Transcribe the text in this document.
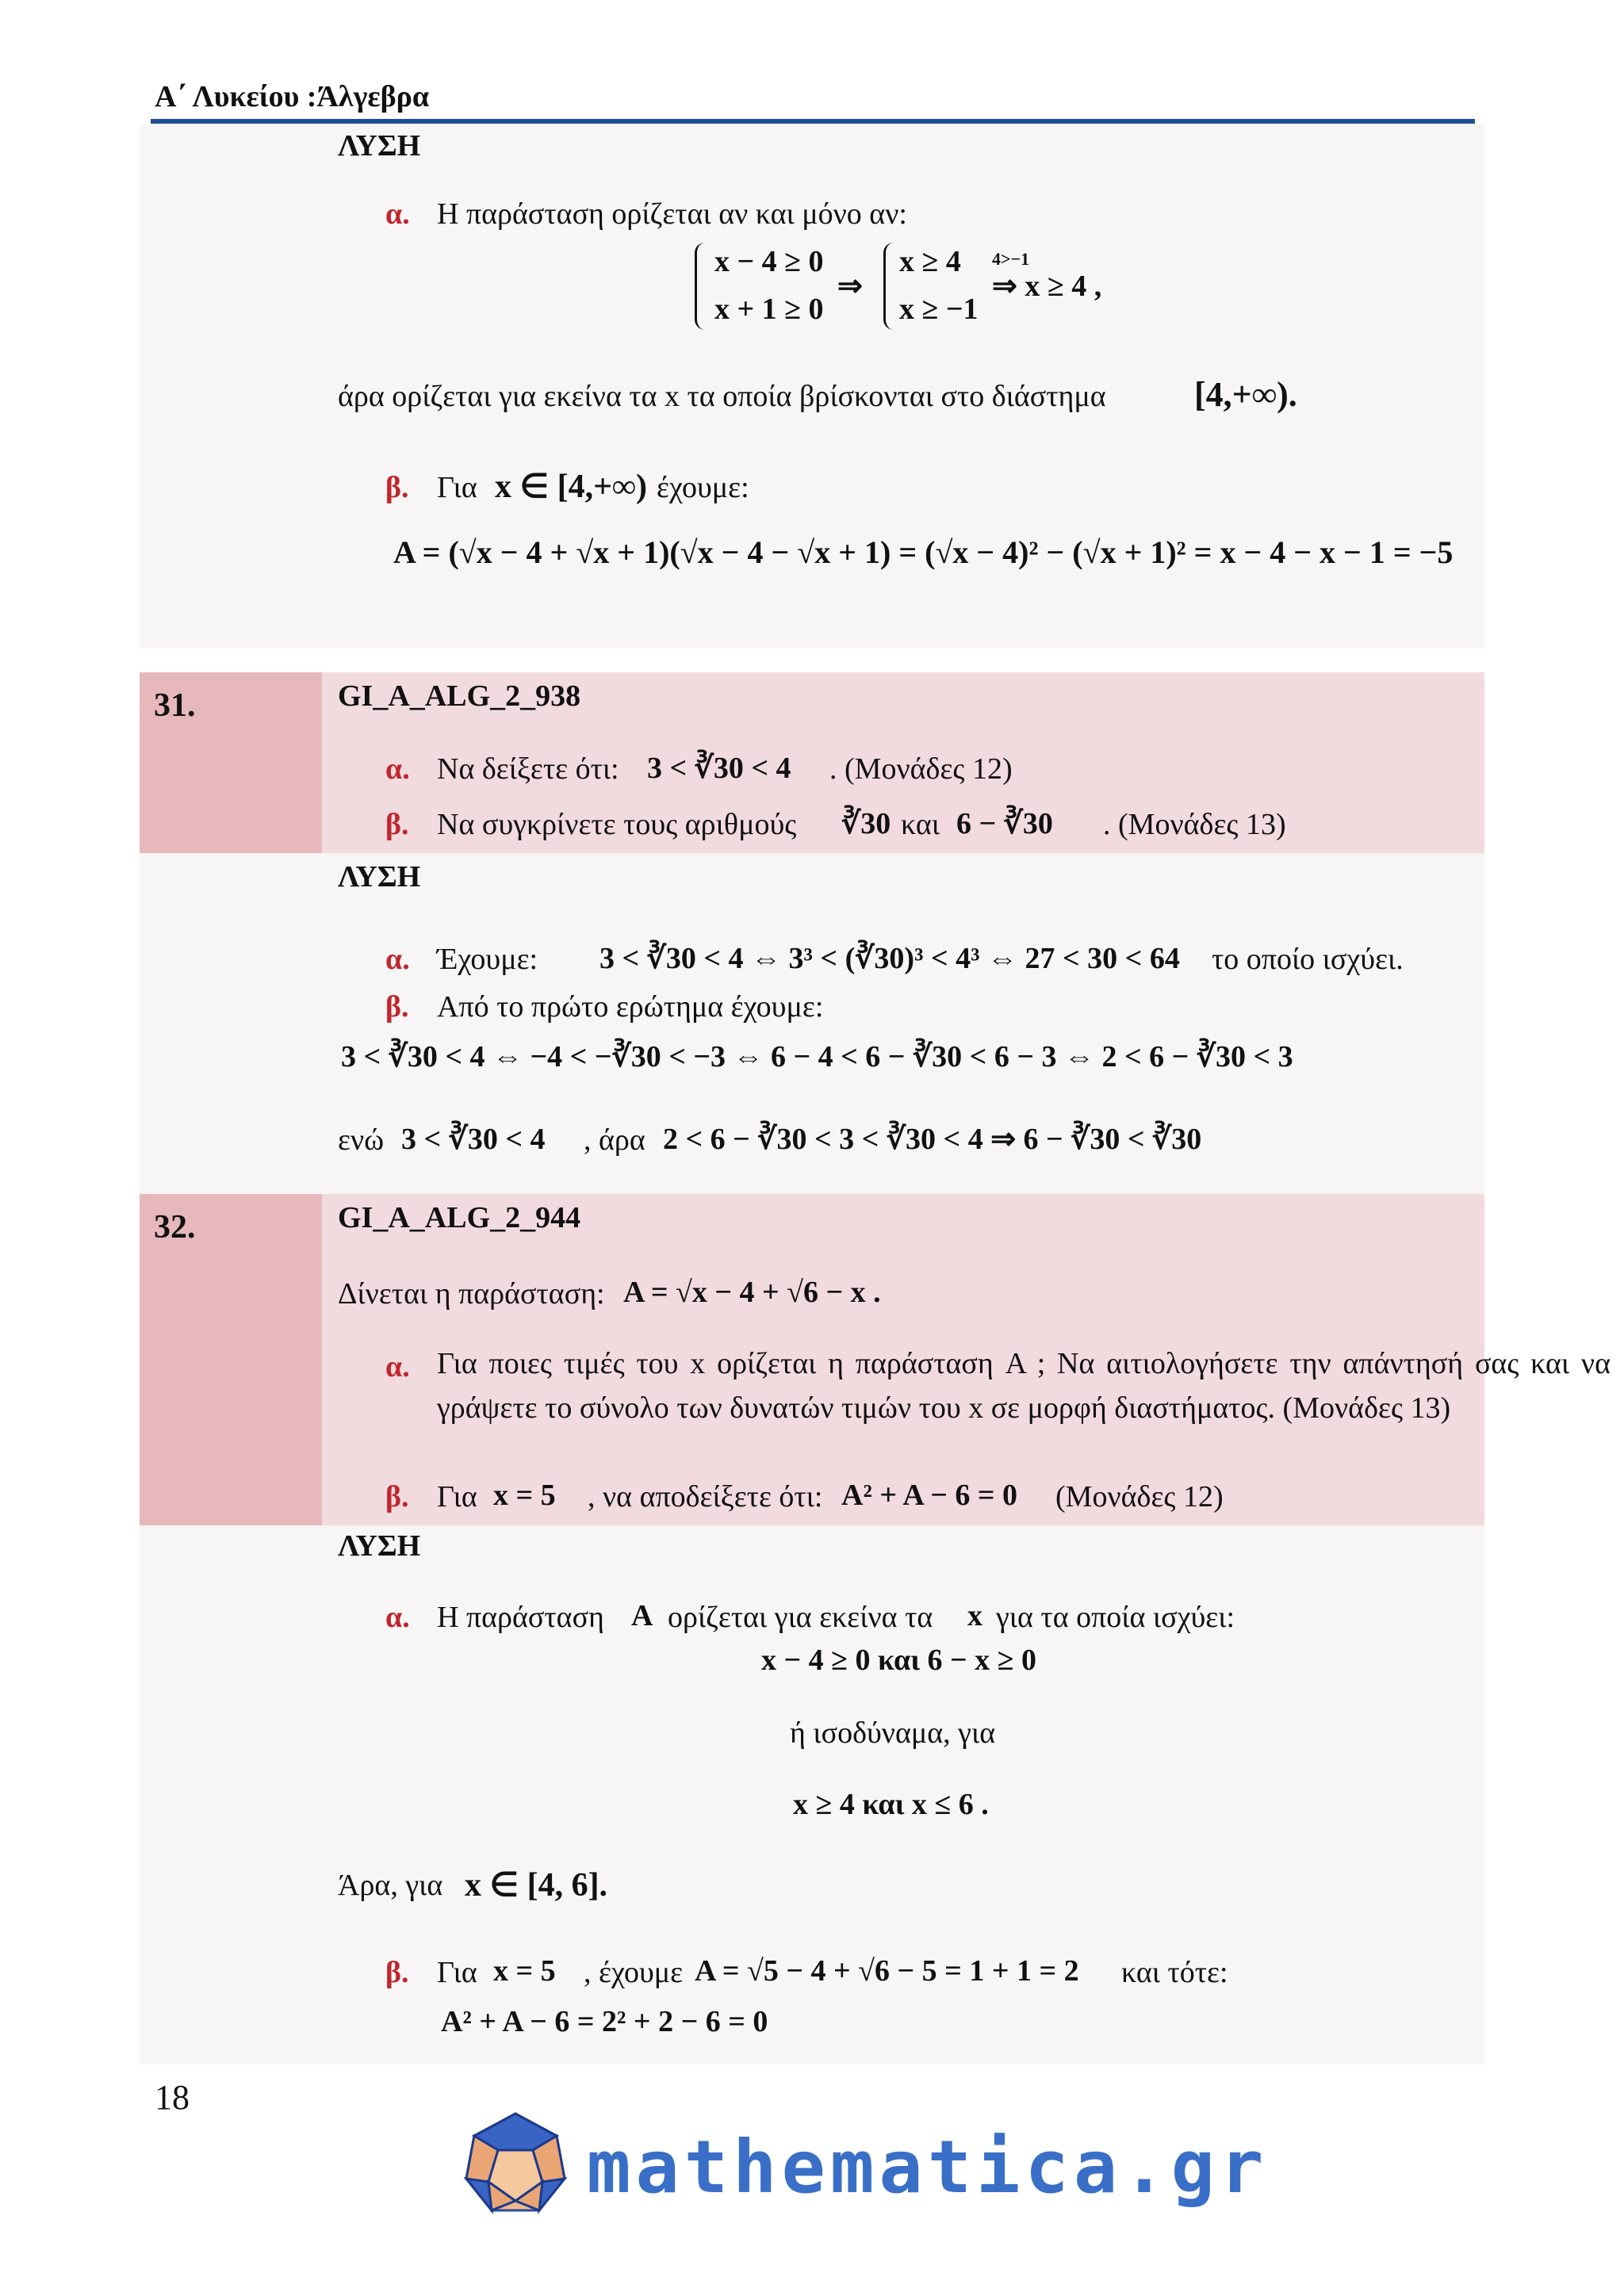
Α΄ Λυκείου :Άλγεβρα
ΛΥΣΗ
α. Η παράσταση ορίζεται αν και μόνο αν:
x − 4 ≥ 0
x + 1 ≥ 0
⇒
x ≥ 4
x ≥ −1
4>−1
⇒ x ≥ 4 ,
άρα ορίζεται για εκείνα τα x τα οποία βρίσκονται στο διάστημα	[4,+∞).
β. Για x ∈ [4,+∞) έχουμε:
A = (√x − 4 + √x + 1)(√x − 4 − √x + 1) = (√x − 4)² − (√x + 1)² = x − 4 − x − 1 = −5
31.	GI_A_ALG_2_938
α. Να δείξετε ότι: 3 < ∛30 < 4 . (Μονάδες 12)
β. Να συγκρίνετε τους αριθμούς ∛30 και 6 − ∛30 . (Μονάδες 13)
ΛΥΣΗ
α. Έχουμε: 3 < ∛30 < 4 ⇔ 3³ < (∛30)³ < 4³ ⇔ 27 < 30 < 64 το οποίο ισχύει.
β. Από το πρώτο ερώτημα έχουμε:
3 < ∛30 < 4 ⇔ −4 < −∛30 < −3 ⇔ 6 − 4 < 6 − ∛30 < 6 − 3 ⇔ 2 < 6 − ∛30 < 3
ενώ 3 < ∛30 < 4 , άρα 2 < 6 − ∛30 < 3 < ∛30 < 4 ⇒ 6 − ∛30 < ∛30
32.	GI_A_ALG_2_944
Δίνεται η παράσταση: A = √x − 4 + √6 − x .
α. Για ποιες τιμές του x ορίζεται η παράσταση A ; Να αιτιολογήσετε την απάντησή σας και να γράψετε το σύνολο των δυνατών τιμών του x σε μορφή διαστήματος. (Μονάδες 13)
β. Για x = 5 , να αποδείξετε ότι: A² + A − 6 = 0 (Μονάδες 12)
ΛΥΣΗ
α. Η παράσταση A ορίζεται για εκείνα τα x για τα οποία ισχύει:
x − 4 ≥ 0 και 6 − x ≥ 0
ή ισοδύναμα, για
x ≥ 4 και x ≤ 6 .
Άρα, για x ∈ [4, 6].
β. Για x = 5 , έχουμε A = √5 − 4 + √6 − 5 = 1 + 1 = 2 και τότε:
A² + A − 6 = 2² + 2 − 6 = 0
18
mathematica.gr
